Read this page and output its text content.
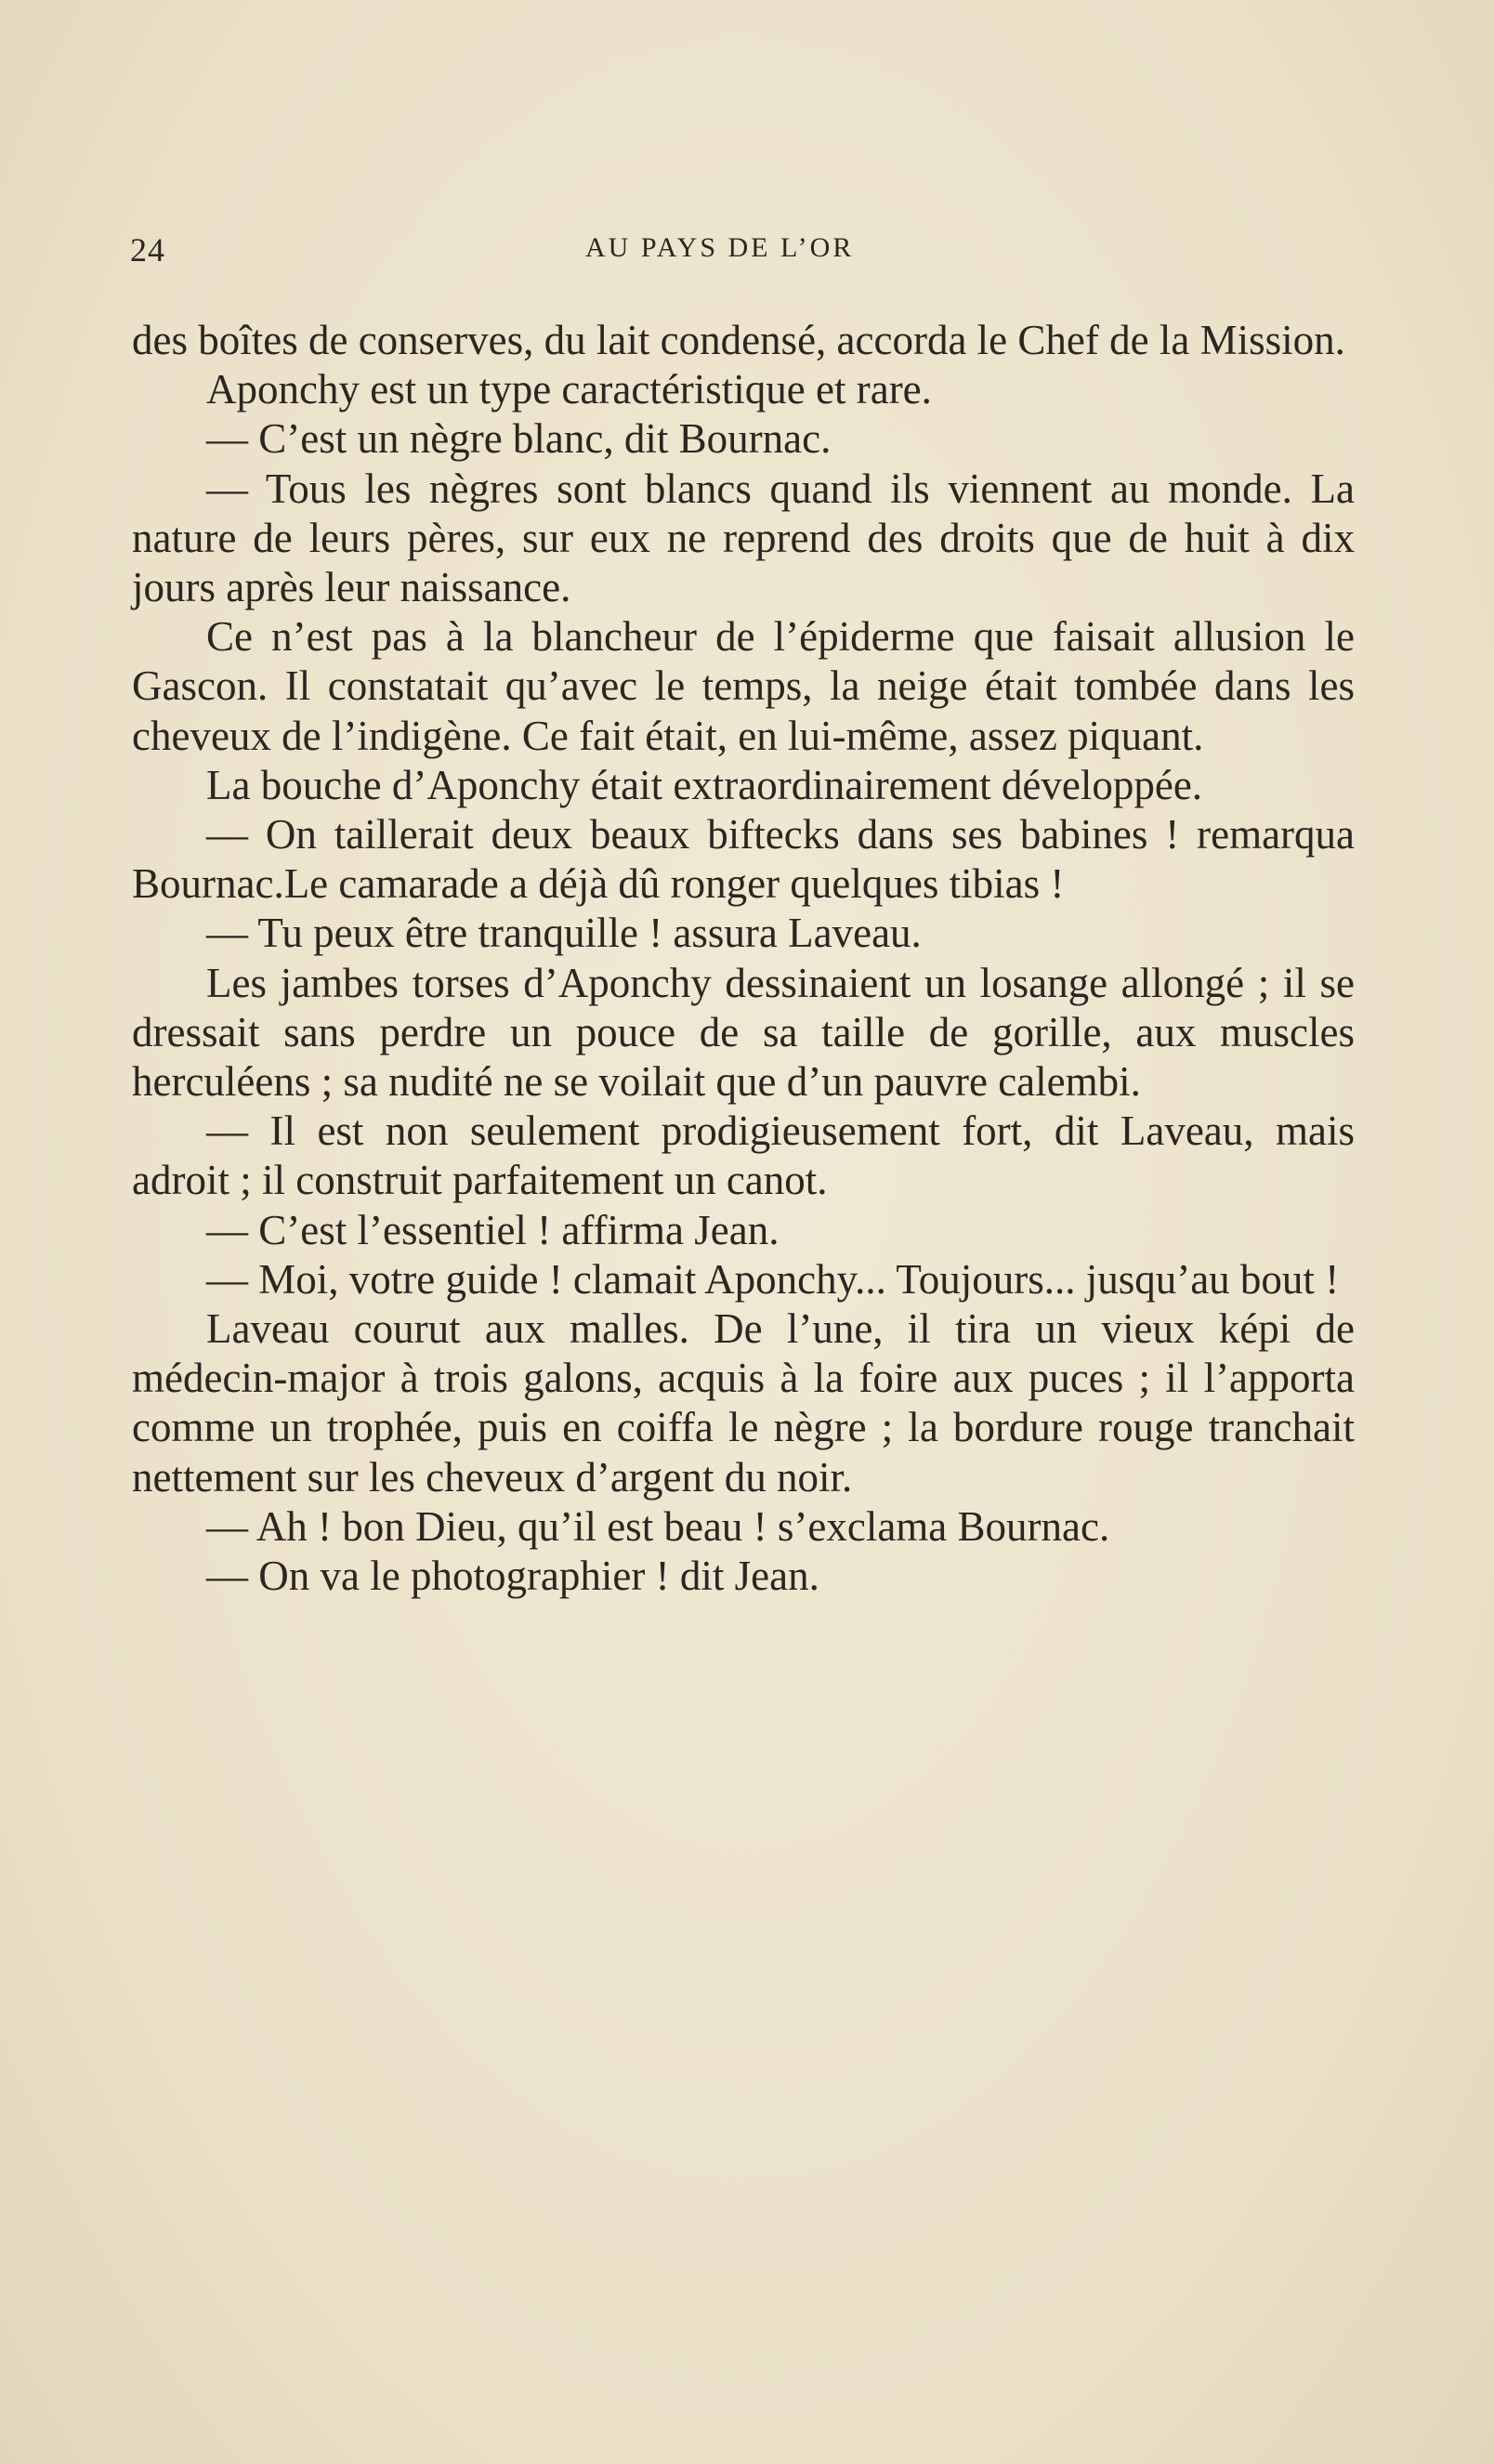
24	AU PAYS DE L’OR

des boîtes de conserves, du lait condensé, accorda le Chef de la Mission.

Aponchy est un type caractéristique et rare.

— C’est un nègre blanc, dit Bournac.

— Tous les nègres sont blancs quand ils viennent au monde. La nature de leurs pères, sur eux ne reprend des droits que de huit à dix jours après leur naissance.

Ce n’est pas à la blancheur de l’épiderme que faisait allusion le Gascon. Il constatait qu’avec le temps, la neige était tombée dans les cheveux de l’indigène. Ce fait était, en lui-même, assez piquant.

La bouche d’Aponchy était extraordinairement développée.

— On taillerait deux beaux biftecks dans ses babines ! remarqua Bournac.Le camarade a déjà dû ronger quelques tibias !

— Tu peux être tranquille ! assura Laveau.

Les jambes torses d’Aponchy dessinaient un losange allongé ; il se dressait sans perdre un pouce de sa taille de gorille, aux muscles herculéens ; sa nudité ne se voilait que d’un pauvre calembi.

— Il est non seulement prodigieusement fort, dit Laveau, mais adroit ; il construit parfaitement un canot.

— C’est l’essentiel ! affirma Jean.

— Moi, votre guide ! clamait Aponchy... Toujours... jusqu’au bout !

Laveau courut aux malles. De l’une, il tira un vieux képi de médecin-major à trois galons, acquis à la foire aux puces ; il l’apporta comme un trophée, puis en coiffa le nègre ; la bordure rouge tranchait nettement sur les cheveux d’argent du noir.

— Ah ! bon Dieu, qu’il est beau ! s’exclama Bournac.

— On va le photographier ! dit Jean.
